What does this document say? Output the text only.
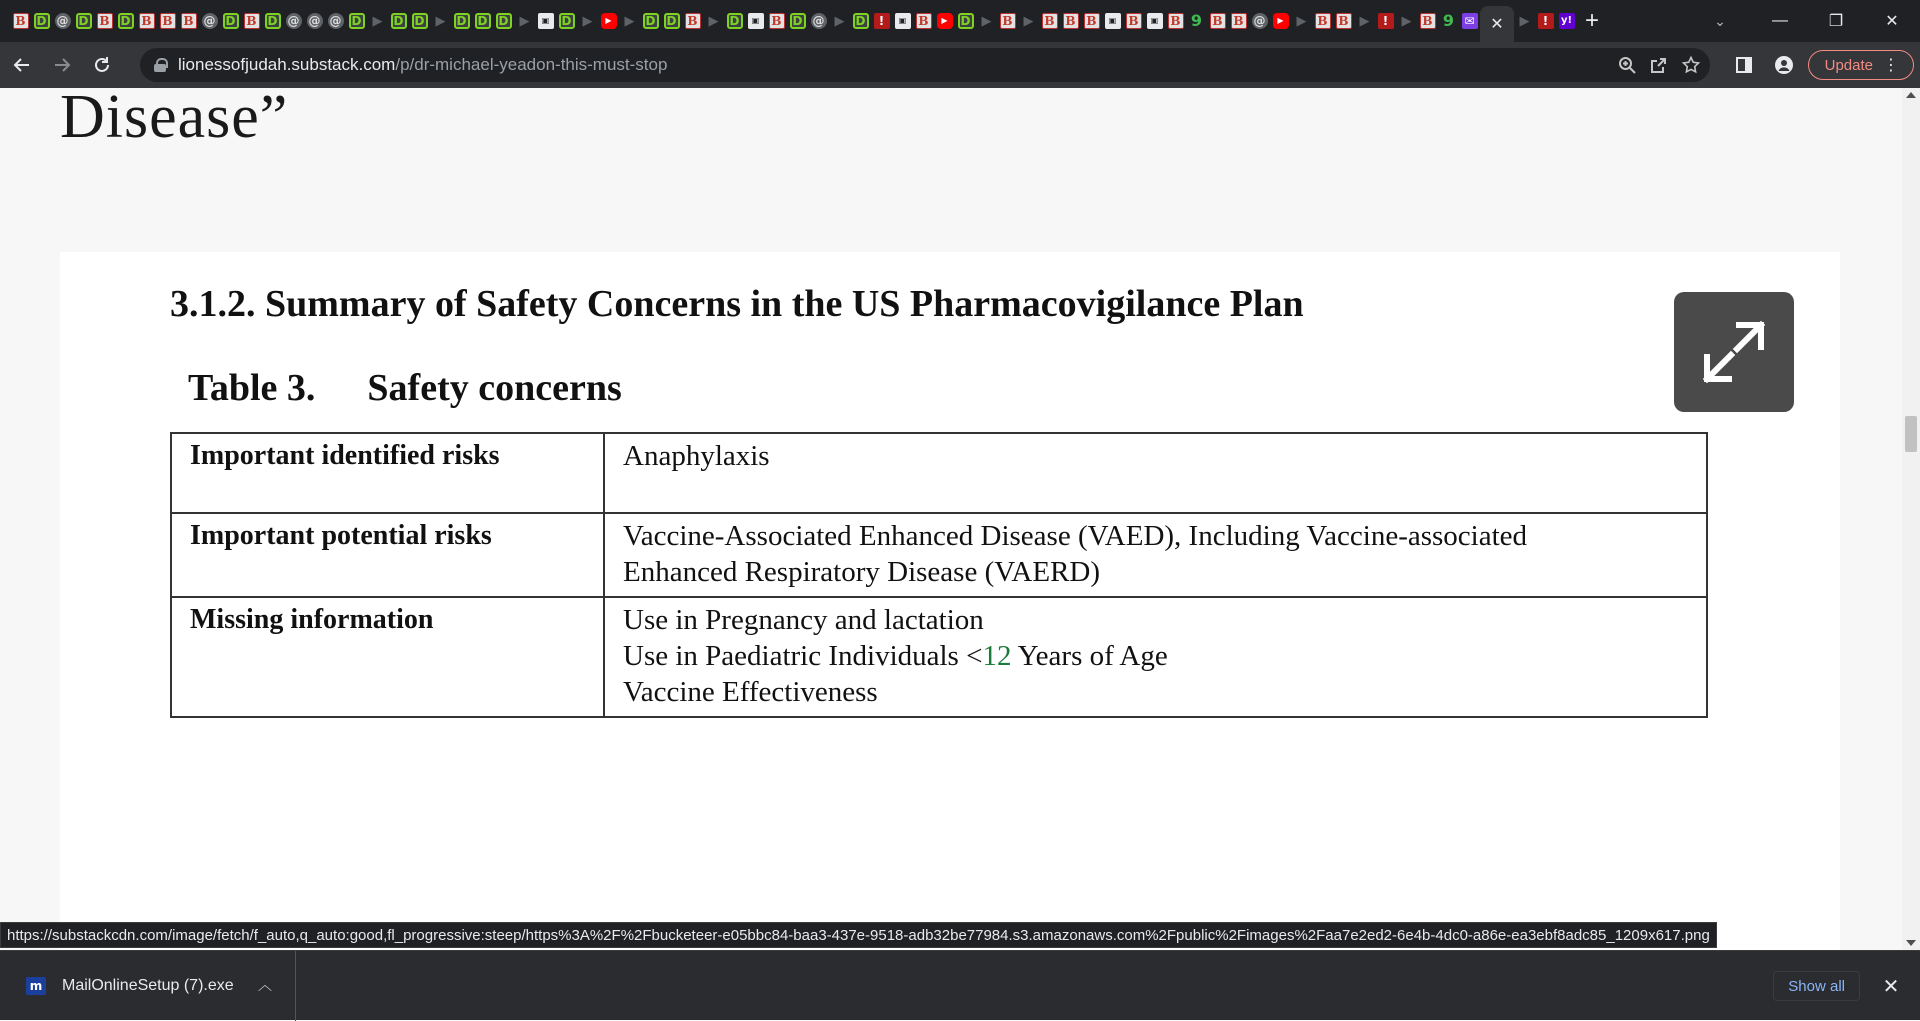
B D @ D B D B B B @ D B D @ @ @ D ▶ D D ▶ D D D ▶	▣	D ▶	▶ ▶ D D B ▶ D	▣	B D @ ▶ D	!	▣	B	▶	D ▶ B ▶ B B B	▣	B	▣	B 9 B B @	▶ ▶ B B ▶	!	▶ B 9 ✉ ✕	▶	!	y! +	⌄	—	❐	✕
lionessofjudah.substack.com /p/dr-michael-yeadon-this-must-stop	Update ⋮
Disease”
3.1.2. Summary of Safety Concerns in the US Pharmacovigilance Plan
Table 3. Safety concerns
Important identified risks	Anaphylaxis

Important potential risks	Vaccine-Associated Enhanced Disease (VAED), Including Vaccine-associated
Enhanced Respiratory Disease (VAERD)

Missing information	Use in Pregnancy and lactation
Use in Paediatric Individuals <12 Years of Age
Vaccine Effectiveness
https://substackcdn.com/image/fetch/f_auto,q_auto:good,fl_progressive:steep/https%3A%2F%2Fbucketeer-e05bbc84-baa3-437e-9518-adb32be77984.s3.amazonaws.com%2Fpublic%2Fimages%2Faa7e2ed2-6e4b-4dc0-a86e-ea3ebf8adc85_1209x617.png
m MailOnlineSetup (7).exe ︿	Show all	✕
